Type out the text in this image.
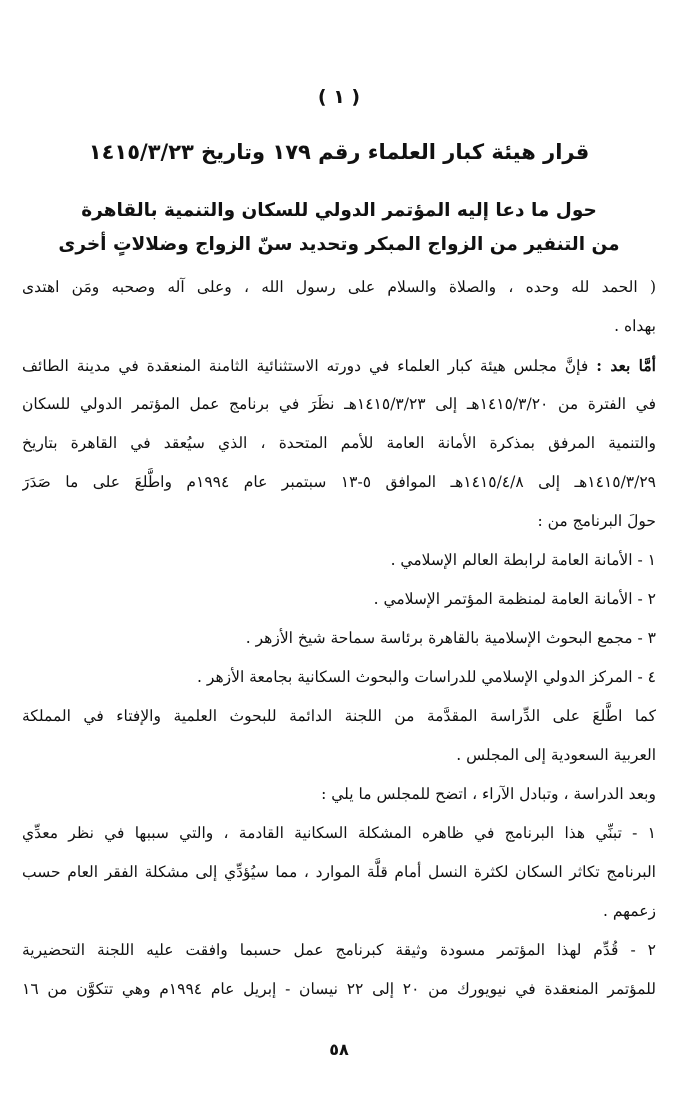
( ١ )
قرار هيئة كبار العلماء رقم ١٧٩ وتاريخ ١٤١٥/٣/٢٣
حول ما دعا إليه المؤتمر الدولي للسكان والتنمية بالقاهرة
من التنفير من الزواج المبكر وتحديد سنّ الزواج وضلالاتٍ أخرى
( الحمد لله وحده ، والصلاة والسلام على رسول الله ، وعلى آله وصحبه ومَن اهتدى
بهداه .
أمَّا بعد : فإنَّ مجلس هيئة كبار العلماء في دورته الاستثنائية الثامنة المنعقدة في مدينة الطائف
في الفترة من ١٤١٥/٣/٢٠هـ إلى ١٤١٥/٣/٢٣هـ نظَرَ في برنامج عمل المؤتمر الدولي للسكان
والتنمية المرفق بمذكرة الأمانة العامة للأمم المتحدة ، الذي سيُعقد في القاهرة بتاريخ
١٤١٥/٣/٢٩هـ إلى ١٤١٥/٤/٨هـ الموافق ٥-١٣ سبتمبر عام ١٩٩٤م واطَّلعَ على ما صَدَرَ
حولَ البرنامج من :
١ - الأمانة العامة لرابطة العالم الإسلامي .
٢ - الأمانة العامة لمنظمة المؤتمر الإسلامي .
٣ - مجمع البحوث الإسلامية بالقاهرة برئاسة سماحة شيخ الأزهر .
٤ - المركز الدولي الإسلامي للدراسات والبحوث السكانية بجامعة الأزهر .
كما اطَّلعَ على الدِّراسة المقدَّمة من اللجنة الدائمة للبحوث العلمية والإفتاء في المملكة
العربية السعودية إلى المجلس .
وبعد الدراسة ، وتبادل الآراء ، اتضح للمجلس ما يلي :
١ - تبنِّي هذا البرنامج في ظاهره المشكلة السكانية القادمة ، والتي سببها في نظر معدِّي
البرنامج تكاثر السكان لكثرة النسل أمام قلَّة الموارد ، مما سيُؤدِّي إلى مشكلة الفقر العام حسب
زعمهم .
٢ - قُدِّم لهذا المؤتمر مسودة وثيقة كبرنامج عمل حسبما وافقت عليه اللجنة التحضيرية
للمؤتمر المنعقدة في نيويورك من ٢٠ إلى ٢٢ نيسان - إبريل عام ١٩٩٤م وهي تتكوَّن من ١٦
٥٨
